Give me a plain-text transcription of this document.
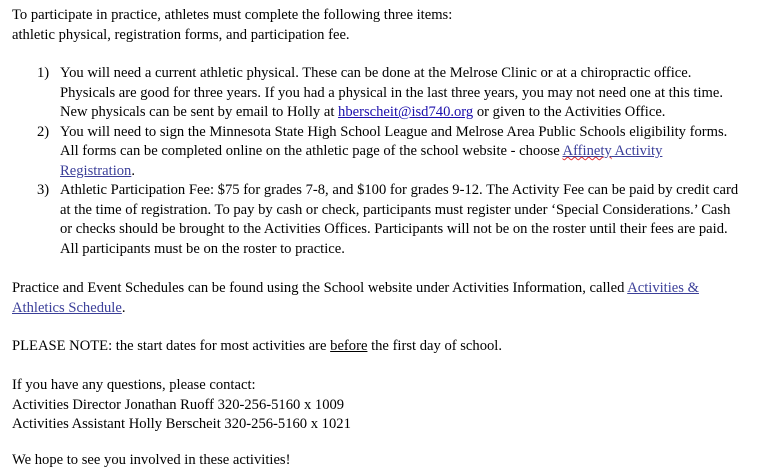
To participate in practice, athletes must complete the following three items:
athletic physical, registration forms, and participation fee.

1) You will need a current athletic physical. These can be done at the Melrose Clinic or at a chiropractic office. Physicals are good for three years. If you had a physical in the last three years, you may not need one at this time. New physicals can be sent by email to Holly at hberscheit@isd740.org or given to the Activities Office.
2) You will need to sign the Minnesota State High School League and Melrose Area Public Schools eligibility forms. All forms can be completed online on the athletic page of the school website - choose Affinety Activity Registration.
3) Athletic Participation Fee: $75 for grades 7-8, and $100 for grades 9-12. The Activity Fee can be paid by credit card at the time of registration. To pay by cash or check, participants must register under ‘Special Considerations.’ Cash or checks should be brought to the Activities Offices. Participants will not be on the roster until their fees are paid. All participants must be on the roster to practice.

Practice and Event Schedules can be found using the School website under Activities Information, called Activities & Athletics Schedule.

PLEASE NOTE: the start dates for most activities are before the first day of school.

If you have any questions, please contact:
Activities Director Jonathan Ruoff 320-256-5160 x 1009
Activities Assistant Holly Berscheit 320-256-5160 x 1021

We hope to see you involved in these activities!
